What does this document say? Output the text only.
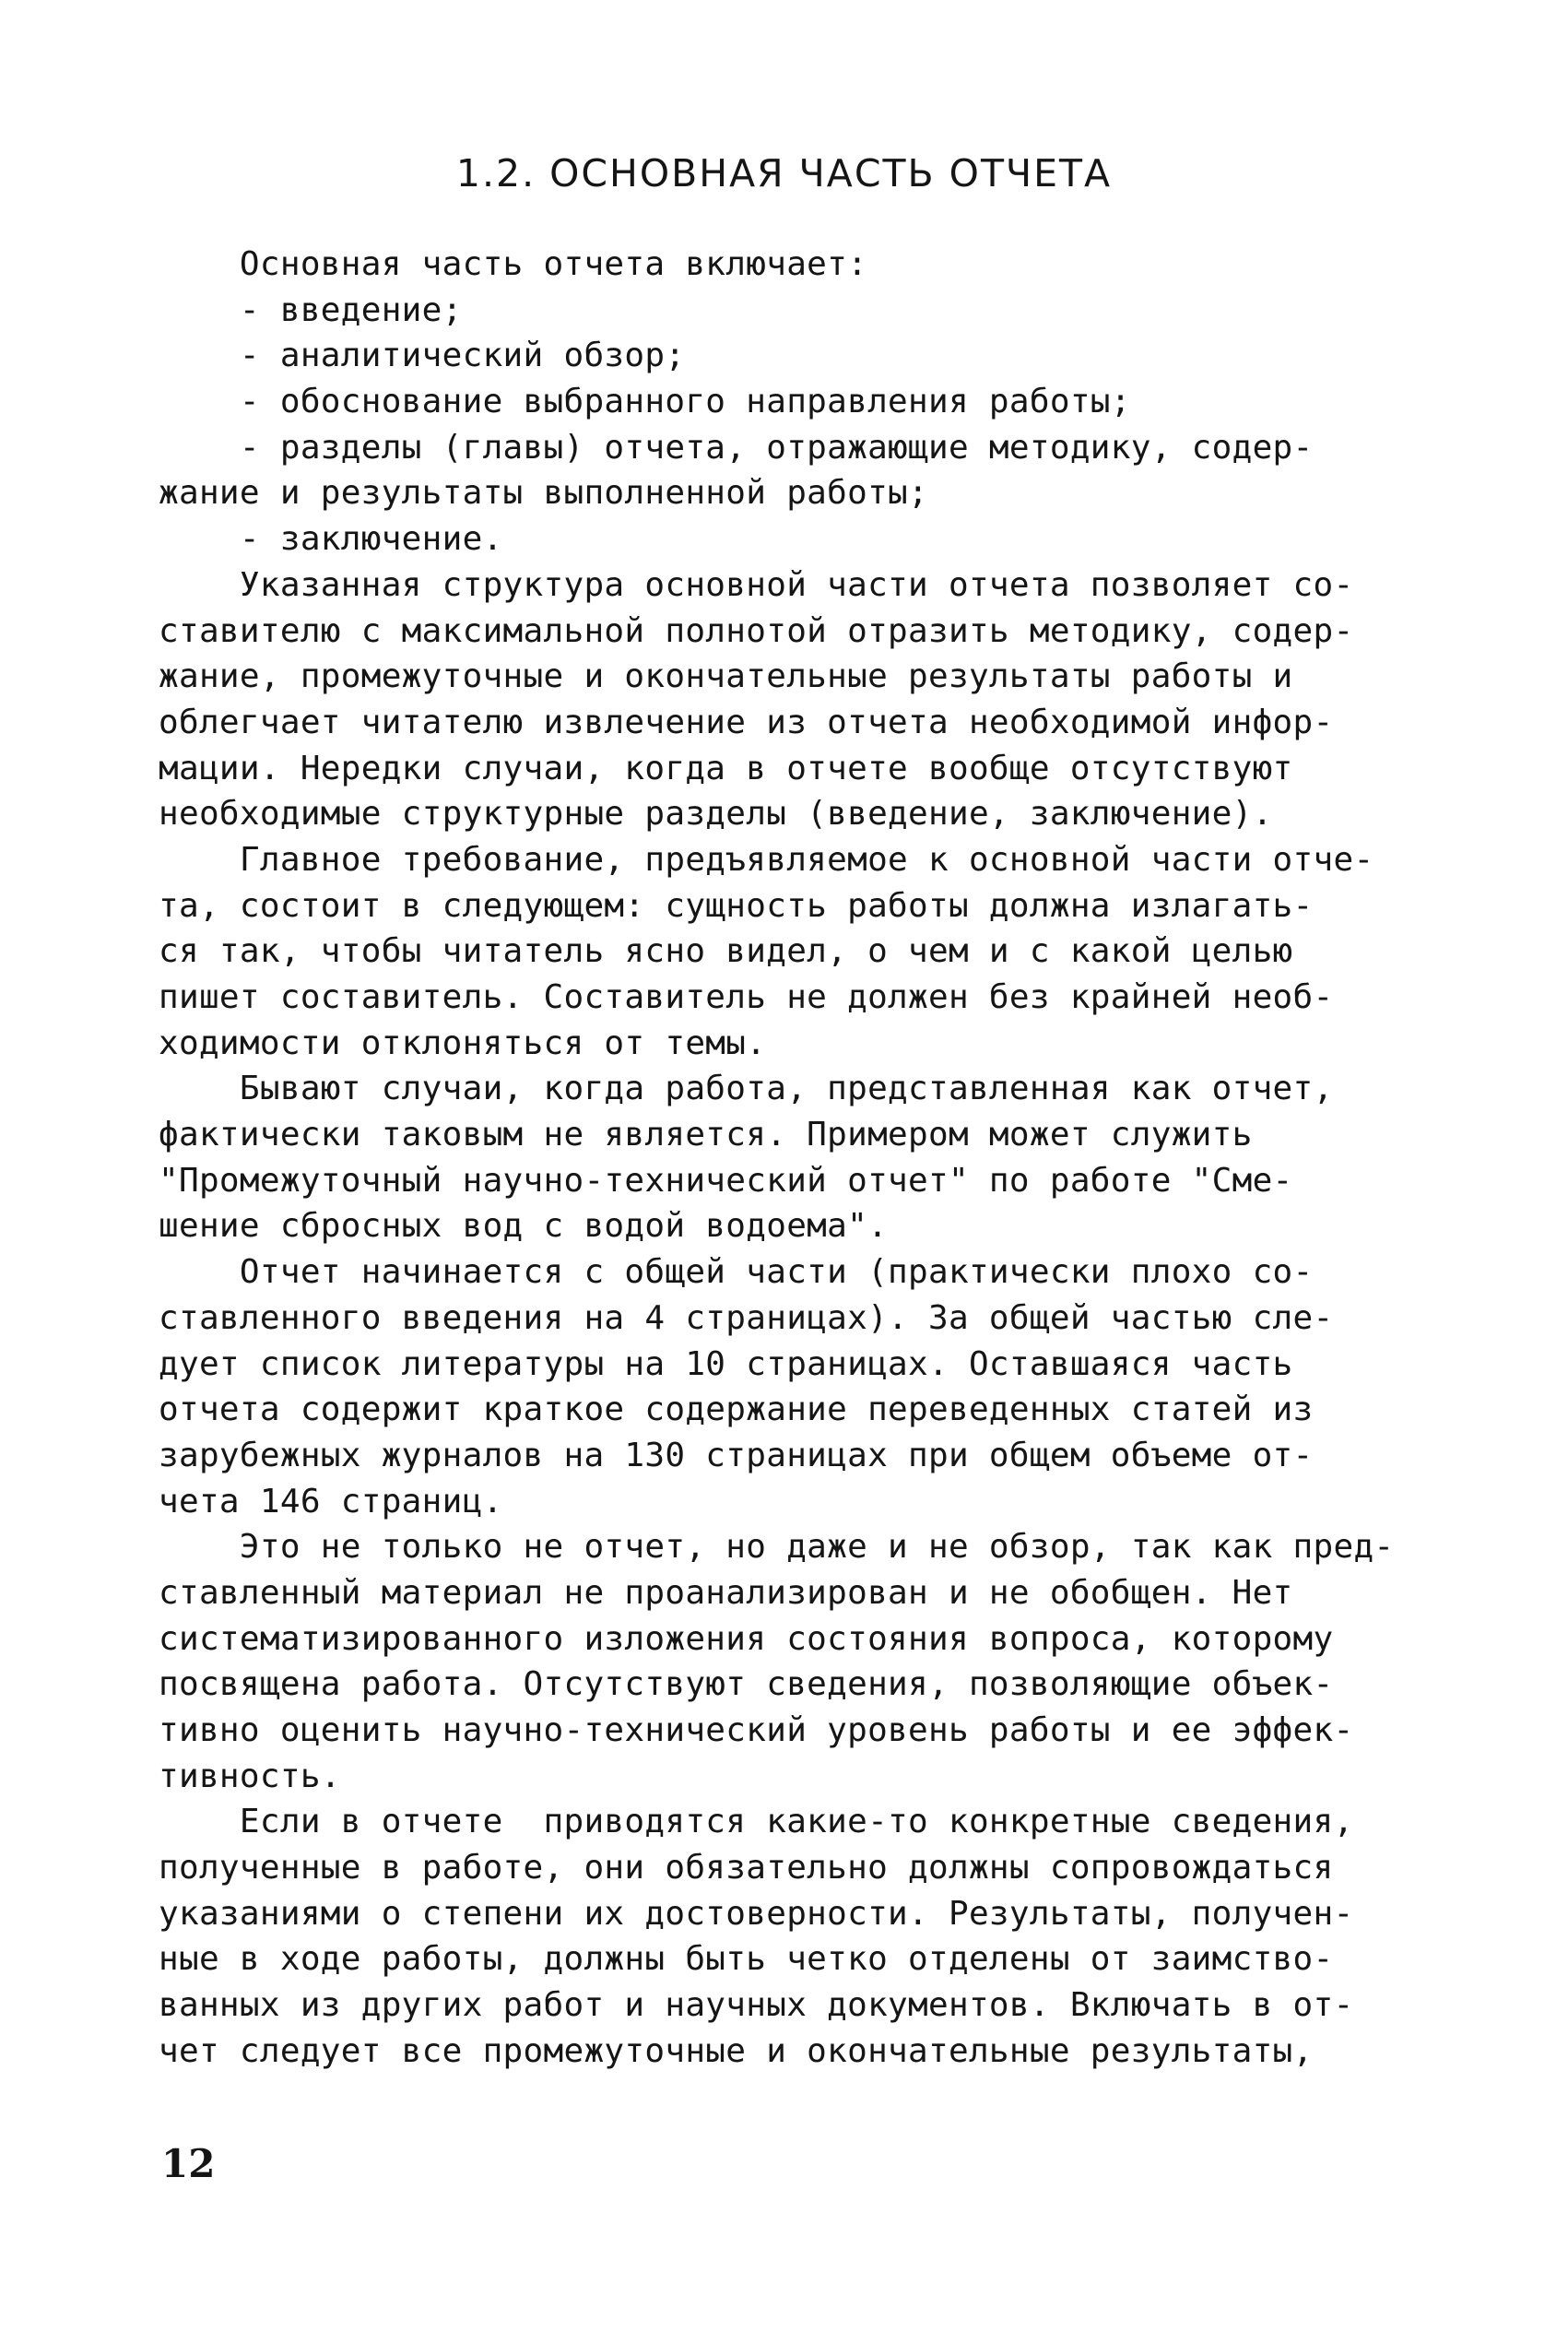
1.2. ОСНОВНАЯ ЧАСТЬ ОТЧЕТА
Основная часть отчета включает:
- введение;
- аналитический обзор;
- обоснование выбранного направления работы;
- разделы (главы) отчета, отражающие методику, содер-
жание и результаты выполненной работы;
- заключение.
Указанная структура основной части отчета позволяет со-
ставителю с максимальной полнотой отразить методику, содер-
жание, промежуточные и окончательные результаты работы и
облегчает читателю извлечение из отчета необходимой инфор-
мации. Нередки случаи, когда в отчете вообще отсутствуют
необходимые структурные разделы (введение, заключение).
Главное требование, предъявляемое к основной части отче-
та, состоит в следующем: сущность работы должна излагать-
ся так, чтобы читатель ясно видел, о чем и с какой целью
пишет составитель. Составитель не должен без крайней необ-
ходимости отклоняться от темы.
Бывают случаи, когда работа, представленная как отчет,
фактически таковым не является. Примером может служить
"Промежуточный научно-технический отчет" по работе "Сме-
шение сбросных вод с водой водоема".
Отчет начинается с общей части (практически плохо со-
ставленного введения на 4 страницах). За общей частью сле-
дует список литературы на 10 страницах. Оставшаяся часть
отчета содержит краткое содержание переведенных статей из
зарубежных журналов на 130 страницах при общем объеме от-
чета 146 страниц.
Это не только не отчет, но даже и не обзор, так как пред-
ставленный материал не проанализирован и не обобщен. Нет
систематизированного изложения состояния вопроса, которому
посвящена работа. Отсутствуют сведения, позволяющие объек-
тивно оценить научно-технический уровень работы и ее эффек-
тивность.
Если в отчете  приводятся какие-то конкретные сведения,
полученные в работе, они обязательно должны сопровождаться
указаниями о степени их достоверности. Результаты, получен-
ные в ходе работы, должны быть четко отделены от заимство-
ванных из других работ и научных документов. Включать в от-
чет следует все промежуточные и окончательные результаты,
12
